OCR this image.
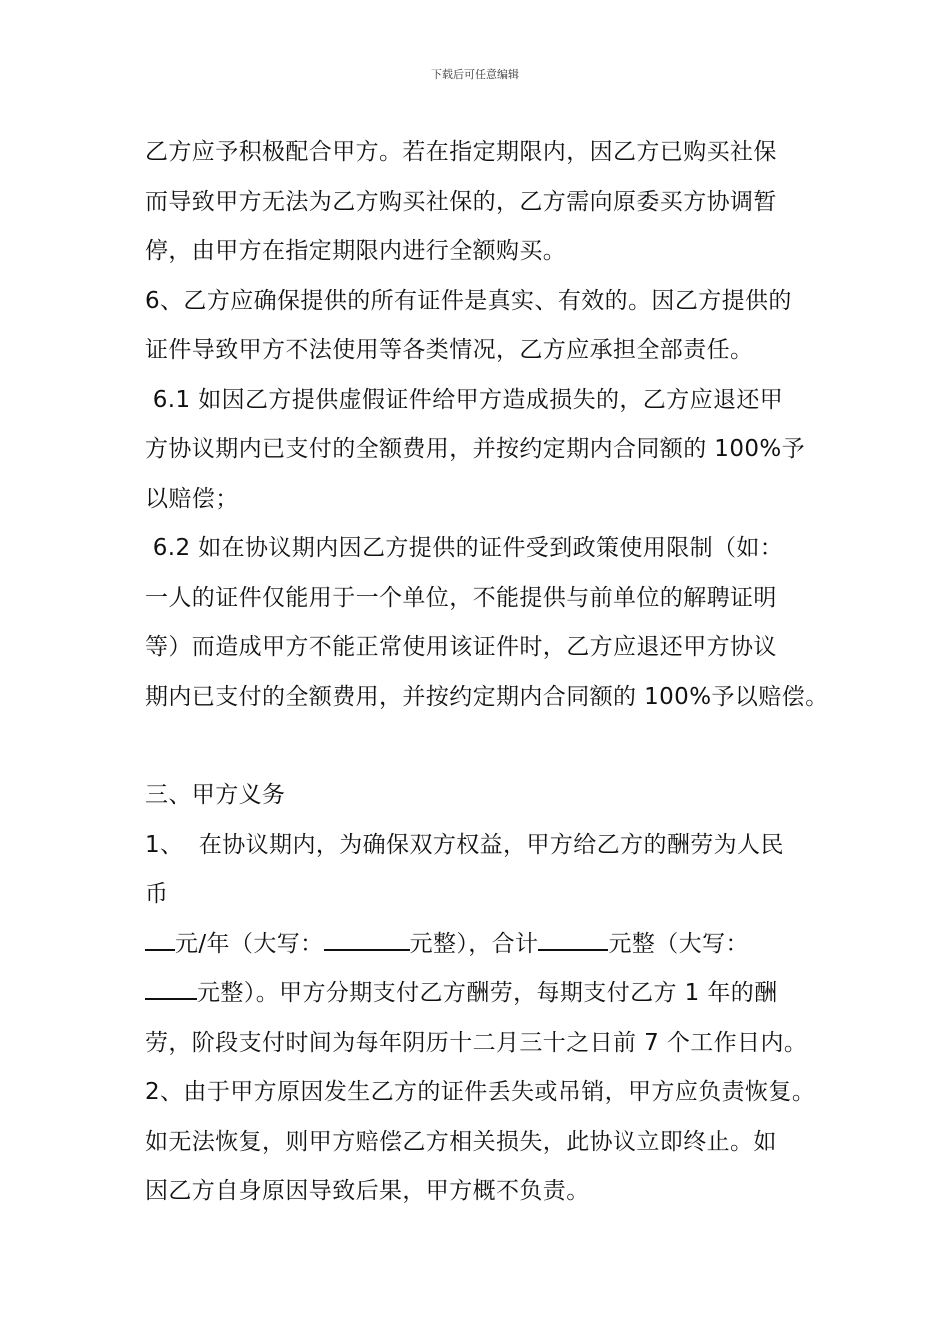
下载后可任意编辑
乙方应予积极配合甲方。若在指定期限内，因乙方已购买社保
而导致甲方无法为乙方购买社保的，乙方需向原委买方协调暂
停，由甲方在指定期限内进行全额购买。
6、乙方应确保提供的所有证件是真实、有效的。因乙方提供的
证件导致甲方不法使用等各类情况，乙方应承担全部责任。
6.1 如因乙方提供虚假证件给甲方造成损失的，乙方应退还甲
方协议期内已支付的全额费用，并按约定期内合同额的 100%予
以赔偿；
6.2 如在协议期内因乙方提供的证件受到政策使用限制（如：
一人的证件仅能用于一个单位，不能提供与前单位的解聘证明
等）而造成甲方不能正常使用该证件时，乙方应退还甲方协议
期内已支付的全额费用，并按约定期内合同额的 100%予以赔偿。
三、甲方义务
1、  在协议期内，为确保双方权益，甲方给乙方的酬劳为人民
币
元/年（大写：	元整），合计	元整（大写：
元整）。甲方分期支付乙方酬劳，每期支付乙方 1 年的酬
劳，阶段支付时间为每年阴历十二月三十之日前 7 个工作日内。
2、由于甲方原因发生乙方的证件丢失或吊销，甲方应负责恢复。
如无法恢复，则甲方赔偿乙方相关损失，此协议立即终止。如
因乙方自身原因导致后果，甲方概不负责。
